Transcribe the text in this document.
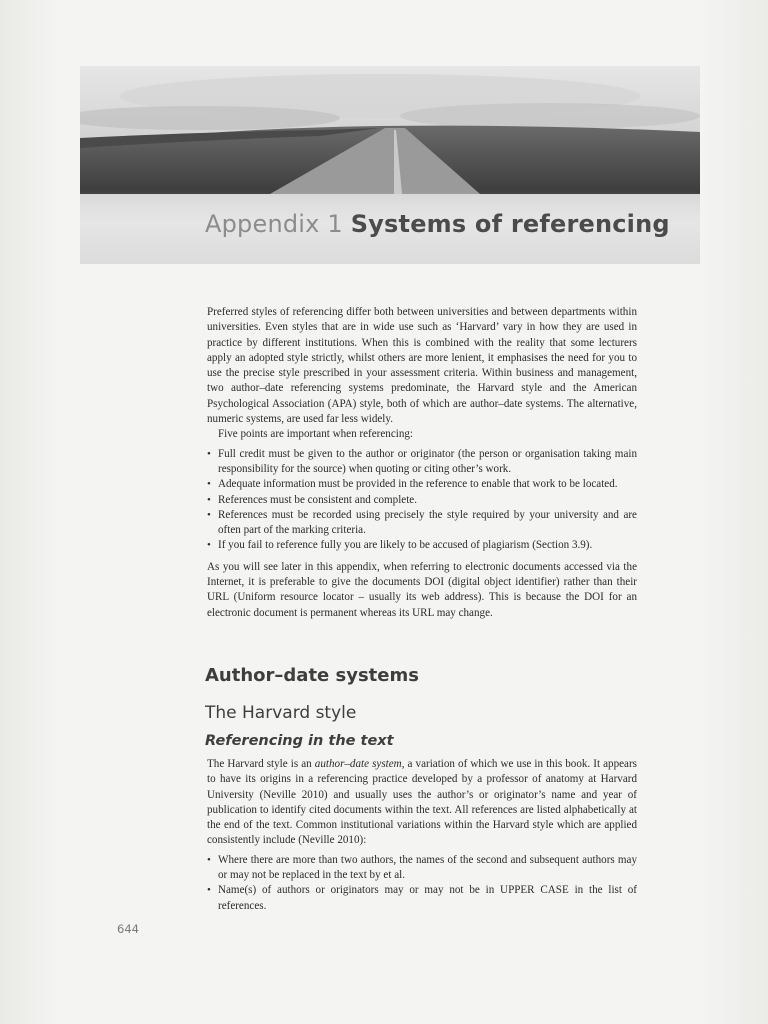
Appendix 1 Systems of referencing

Preferred styles of referencing differ both between universities and between departments within universities. Even styles that are in wide use such as ‘Harvard’ vary in how they are used in practice by different institutions. When this is combined with the reality that some lecturers apply an adopted style strictly, whilst others are more lenient, it emphasises the need for you to use the precise style prescribed in your assessment criteria. Within business and management, two author–date referencing systems predominate, the Harvard style and the American Psychological Association (APA) style, both of which are author–date systems. The alternative, numeric systems, are used far less widely.

Five points are important when referencing:

• Full credit must be given to the author or originator (the person or organisation taking main responsibility for the source) when quoting or citing other’s work.
• Adequate information must be provided in the reference to enable that work to be located.
• References must be consistent and complete.
• References must be recorded using precisely the style required by your university and are often part of the marking criteria.
• If you fail to reference fully you are likely to be accused of plagiarism (Section 3.9).

As you will see later in this appendix, when referring to electronic documents accessed via the Internet, it is preferable to give the documents DOI (digital object identifier) rather than their URL (Uniform resource locator – usually its web address). This is because the DOI for an electronic document is permanent whereas its URL may change.

Author–date systems
The Harvard style
Referencing in the text

The Harvard style is an author–date system, a variation of which we use in this book. It appears to have its origins in a referencing practice developed by a professor of anatomy at Harvard University (Neville 2010) and usually uses the author’s or originator’s name and year of publication to identify cited documents within the text. All references are listed alphabetically at the end of the text. Common institutional variations within the Harvard style which are applied consistently include (Neville 2010):

• Where there are more than two authors, the names of the second and subsequent authors may or may not be replaced in the text by et al.
• Name(s) of authors or originators may or may not be in UPPER CASE in the list of references.
644
